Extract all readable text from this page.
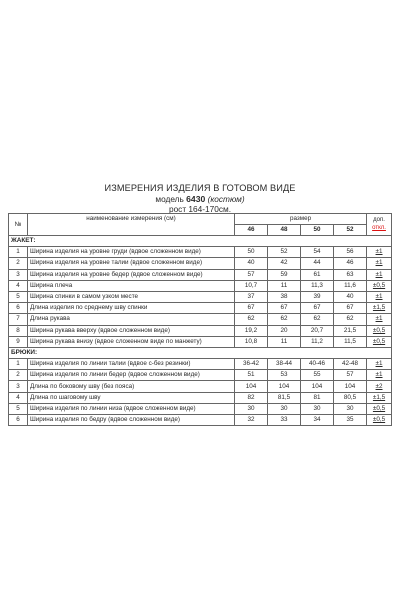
ИЗМЕРЕНИЯ ИЗДЕЛИЯ В ГОТОВОМ ВИДЕ
модель 6430 (костюм)
рост 164-170см.
№	наименование измерения (см)	размер				доп.
откл.

		46	48	50	52	
ЖАКЕТ:						
1	Ширина изделия на уровне груди (вдвое сложенном виде)	50	52	54	56	±1
2	Ширина изделия на уровне талии (вдвое сложенном виде)	40	42	44	46	±1
3	Ширина изделия на уровне бедер (вдвое сложенном виде)	57	59	61	63	±1
4	Ширина плеча	10,7	11	11,3	11,6	±0,5
5	Ширина спинки в самом узком месте	37	38	39	40	±1
6	Длина изделия по среднему шву спинки	67	67	67	67	±1,5
7	Длина рукава	62	62	62	62	±1
8	Ширина рукава вверху (вдвое сложенном виде)	19,2	20	20,7	21,5	±0,5
9	Ширина рукава внизу (вдвое сложенном виде по манжету)	10,8	11	11,2	11,5	±0,5
БРЮКИ:						
1	Ширина изделия по линии талии (вдвое с-без резинки)	36-42	38-44	40-46	42-48	±1
2	Ширина изделия по линии бедер (вдвое сложенном виде)	51	53	55	57	±1
3	Длина по боковому шву (без пояса)	104	104	104	104	±2
4	Длина по шаговому шву	82	81,5	81	80,5	±1,5
5	Ширина изделия по линии низа (вдвое сложенном виде)	30	30	30	30	±0,5
6	Ширина изделия по бедру (вдвое сложенном виде)	32	33	34	35	±0,5
